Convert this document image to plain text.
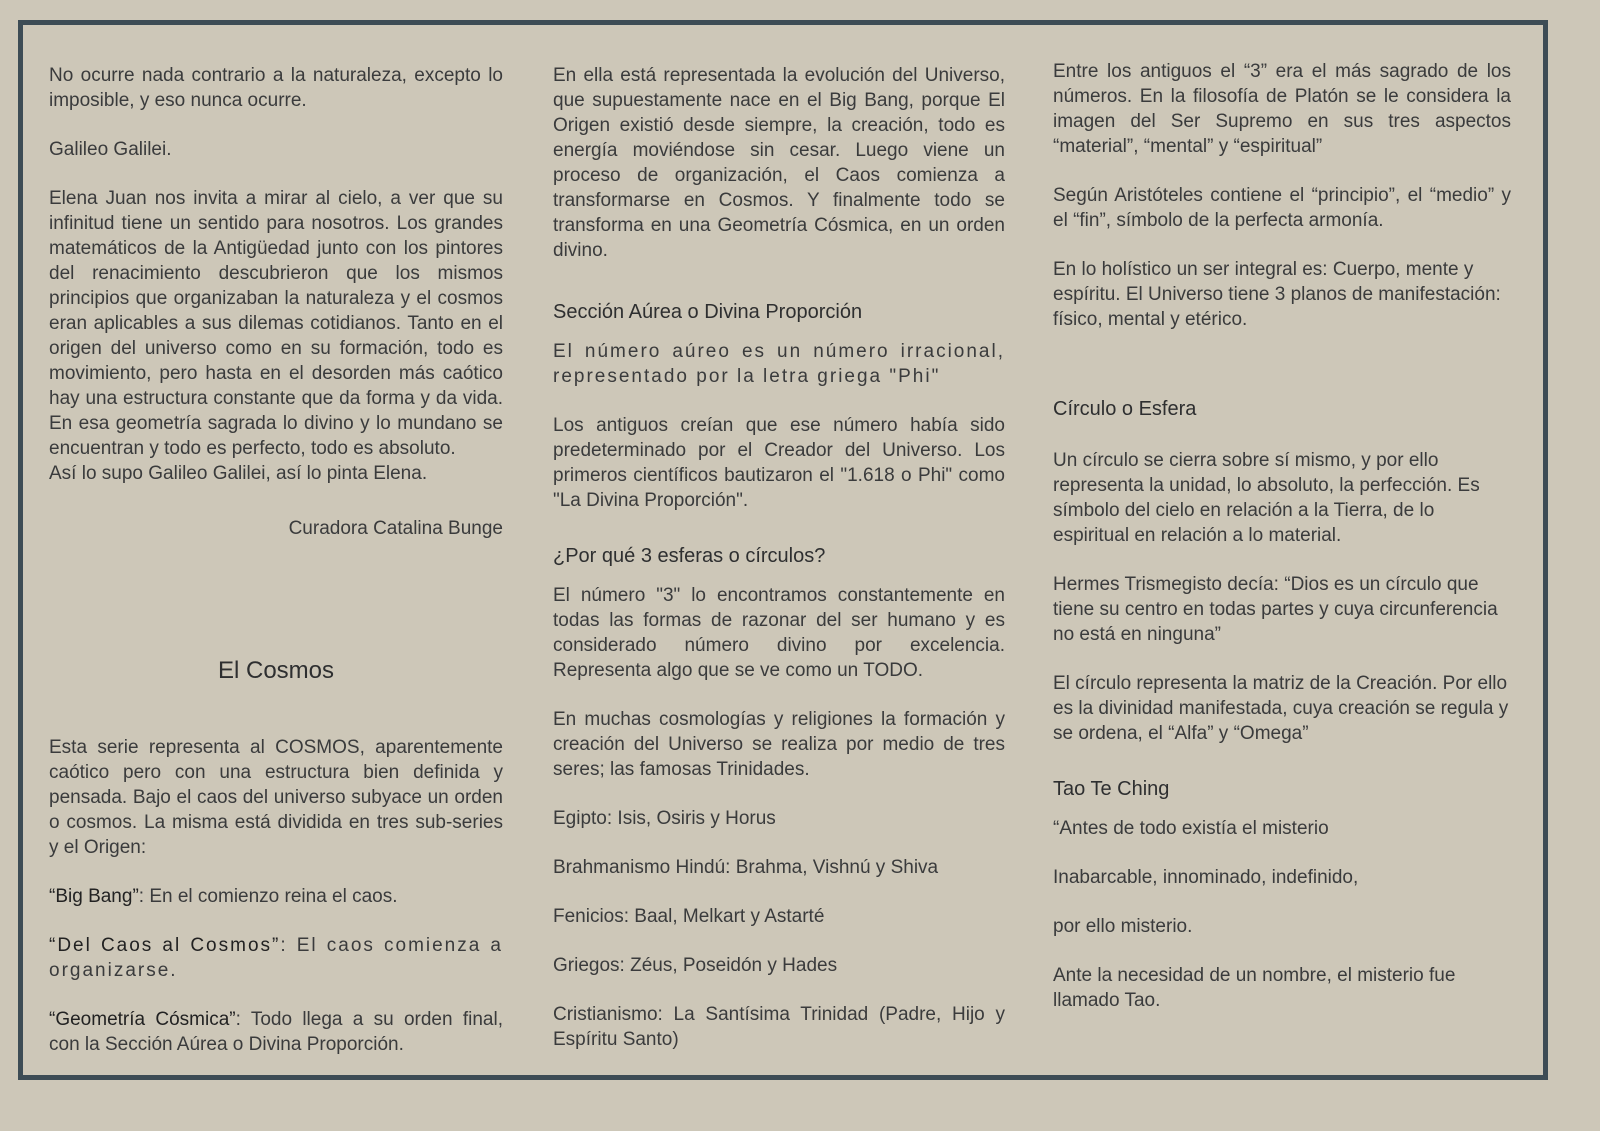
No ocurre nada contrario a la naturaleza, excepto lo imposible, y eso nunca ocurre.

Galileo Galilei.

Elena Juan nos invita a mirar al cielo, a ver que su infinitud tiene un sentido para nosotros. Los grandes matemáticos de la Antigüedad junto con los pintores del renacimiento descubrieron que los mismos principios que organizaban la naturaleza y el cosmos eran aplicables a sus dilemas cotidianos. Tanto en el origen del universo como en su formación, todo es movimiento, pero hasta en el desorden más caótico hay una estructura constante que da forma y da vida. En esa geometría sagrada lo divino y lo mundano se encuentran y todo es perfecto, todo es absoluto.

Así lo supo Galileo Galilei, así lo pinta Elena.

Curadora Catalina Bunge

El Cosmos

Esta serie representa al COSMOS, aparentemente caótico pero con una estructura bien definida y pensada. Bajo el caos del universo subyace un orden o cosmos. La misma está dividida en tres sub-series y el Origen:

“Big Bang”: En el comienzo reina el caos.

“Del Caos al Cosmos”: El caos comienza a organizarse.

“Geometría Cósmica”: Todo llega a su orden final, con la Sección Aúrea o Divina Proporción.

En ella está representada la evolución del Universo, que supuestamente nace en el Big Bang, porque El Origen existió desde siempre, la creación, todo es energía moviéndose sin cesar. Luego viene un proceso de organización, el Caos comienza a transformarse en Cosmos. Y finalmente todo se transforma en una Geometría Cósmica, en un orden divino.

Sección Aúrea o Divina Proporción

El número aúreo es un número irracional, representado por la letra griega "Phi"

Los antiguos creían que ese número había sido predeterminado por el Creador del Universo. Los primeros científicos bautizaron el "1.618 o Phi" como "La Divina Proporción".

¿Por qué 3 esferas o círculos?

El número "3" lo encontramos constantemente en todas las formas de razonar del ser humano y es considerado número divino por excelencia. Representa algo que se ve como un TODO.

En muchas cosmologías y religiones la formación y creación del Universo se realiza por medio de tres seres; las famosas Trinidades.

Egipto: Isis, Osiris y Horus

Brahmanismo Hindú: Brahma, Vishnú y Shiva

Fenicios: Baal, Melkart y Astarté

Griegos: Zéus, Poseidón y Hades

Cristianismo: La Santísima Trinidad (Padre, Hijo y Espíritu Santo)

Entre los antiguos el “3” era el más sagrado de los números. En la filosofía de Platón se le considera la imagen del Ser Supremo en sus tres aspectos “material”, “mental” y “espiritual”

Según Aristóteles contiene el “principio”, el “medio” y el “fin”, símbolo de la perfecta armonía.

En lo holístico un ser integral es: Cuerpo, mente y espíritu. El Universo tiene 3 planos de manifestación: físico, mental y etérico.

Círculo o Esfera

Un círculo se cierra sobre sí mismo, y por ello representa la unidad, lo absoluto, la perfección. Es símbolo del cielo en relación a la Tierra, de lo espiritual en relación a lo material.

Hermes Trismegisto decía: “Dios es un círculo que tiene su centro en todas partes y cuya circunferencia no está en ninguna”

El círculo representa la matriz de la Creación. Por ello es la divinidad manifestada, cuya creación se regula y se ordena, el “Alfa” y “Omega”

Tao Te Ching

“Antes de todo existía el misterio

Inabarcable, innominado, indefinido,

por ello misterio.

Ante la necesidad de un nombre, el misterio fue llamado Tao.
